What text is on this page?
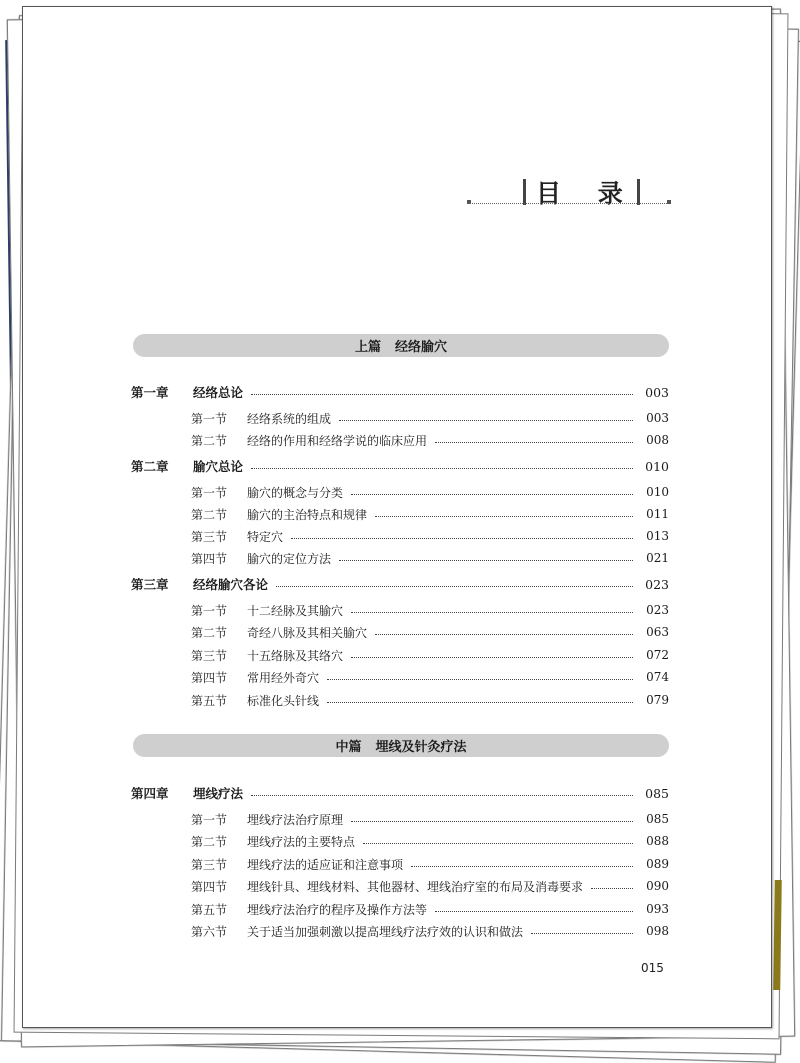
目 录
上篇 经络腧穴
第一章	经络总论	003
第一节	经络系统的组成	003
第二节	经络的作用和经络学说的临床应用	008
第二章	腧穴总论	010
第一节	腧穴的概念与分类	010
第二节	腧穴的主治特点和规律	011
第三节	特定穴	013
第四节	腧穴的定位方法	021
第三章	经络腧穴各论	023
第一节	十二经脉及其腧穴	023
第二节	奇经八脉及其相关腧穴	063
第三节	十五络脉及其络穴	072
第四节	常用经外奇穴	074
第五节	标准化头针线	079
中篇 埋线及针灸疗法
第四章	埋线疗法	085
第一节	埋线疗法治疗原理	085
第二节	埋线疗法的主要特点	088
第三节	埋线疗法的适应证和注意事项	089
第四节	埋线针具、埋线材料、其他器材、埋线治疗室的布局及消毒要求	090
第五节	埋线疗法治疗的程序及操作方法等	093
第六节	关于适当加强刺激以提高埋线疗法疗效的认识和做法	098
015
